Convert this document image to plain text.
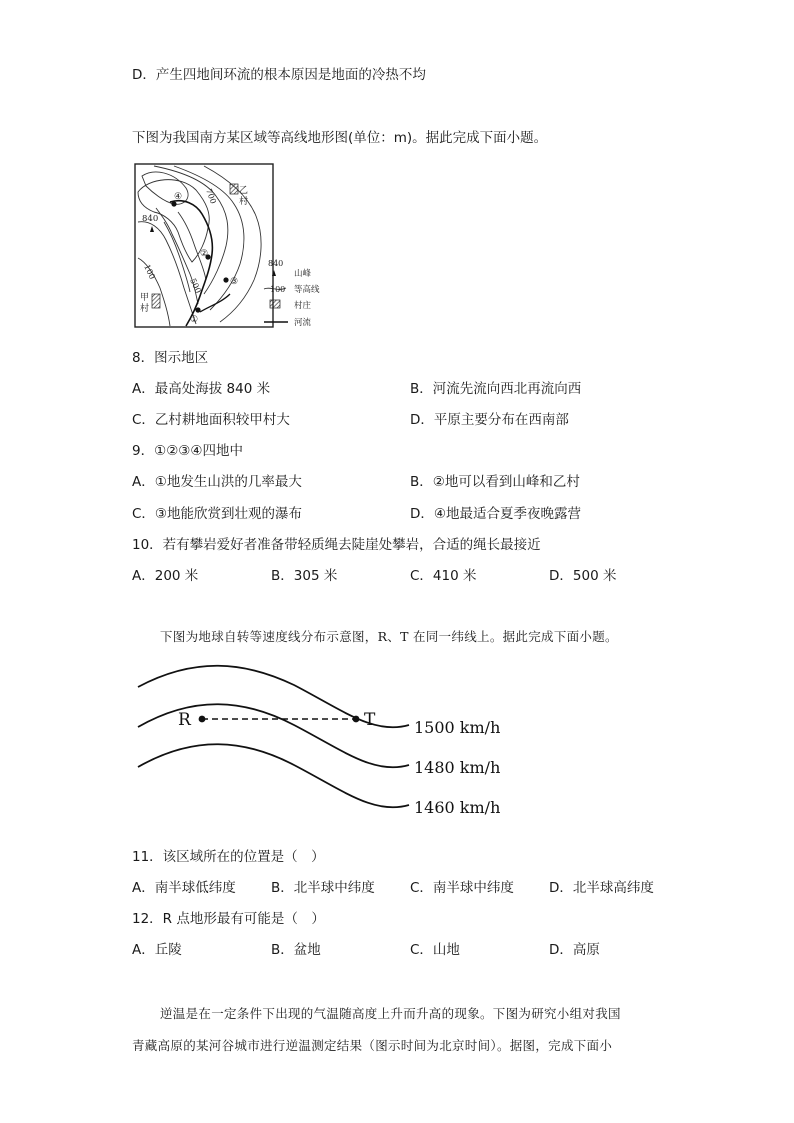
D．产生四地间环流的根本原因是地面的冷热不均
下图为我国南方某区域等高线地形图(单位：m)。据此完成下面小题。
840
700
500
100
乙
村
甲
村
④
②
③
①
840
山峰
100 等高线
村庄
河流
8．图示地区
A．最高处海拔 840 米	B．河流先流向西北再流向西
C．乙村耕地面积较甲村大	D．平原主要分布在西南部
9．①②③④四地中
A．①地发生山洪的几率最大	B．②地可以看到山峰和乙村
C．③地能欣赏到壮观的瀑布	D．④地最适合夏季夜晚露营
10．若有攀岩爱好者准备带轻质绳去陡崖处攀岩，合适的绳长最接近
A．200 米	B．305 米	C．410 米	D．500 米
下图为地球自转等速度线分布示意图，R、T 在同一纬线上。据此完成下面小题。
R	T 1500 km/h
1480 km/h
1460 km/h
11．该区域所在的位置是（　）
A．南半球低纬度	B．北半球中纬度	C．南半球中纬度	D．北半球高纬度
12．R 点地形最有可能是（　）
A．丘陵	B．盆地	C．山地	D．高原
逆温是在一定条件下出现的气温随高度上升而升高的现象。下图为研究小组对我国
青藏高原的某河谷城市进行逆温测定结果（图示时间为北京时间）。据图，完成下面小
